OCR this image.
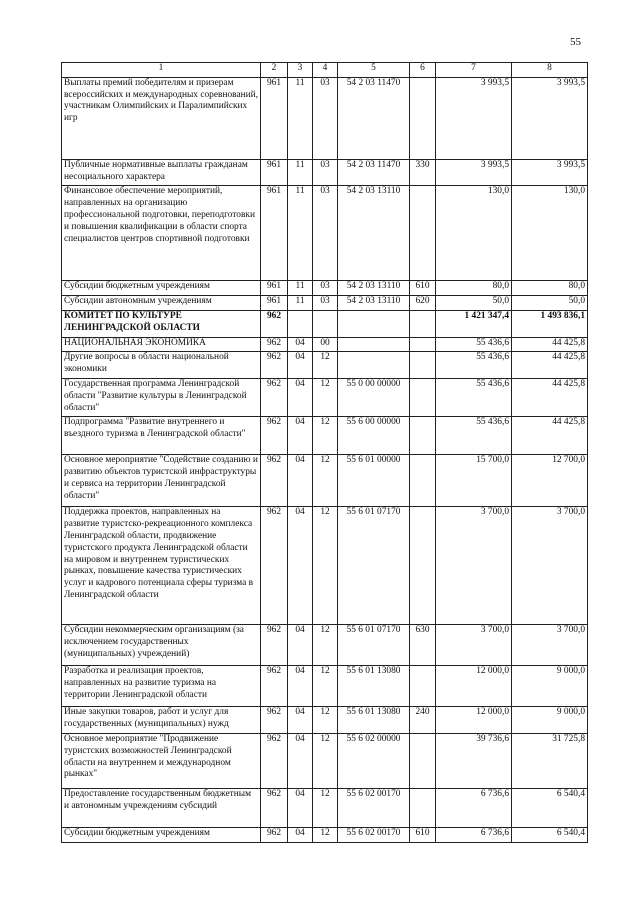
55
1	2	3	4	5	6	7	8
Выплаты премий победителям и призерам всероссийских и международных соревнований, участникам Олимпийских и Паралимпийских игр	961	11	03	54 2 03 11470		3 993,5	3 993,5
Публичные нормативные выплаты гражданам несоциального характера	961	11	03	54 2 03 11470	330	3 993,5	3 993,5
Финансовое обеспечение мероприятий, направленных на организацию профессиональной подготовки, переподготовки и повышения квалификации в области спорта специалистов центров спортивной подготовки	961	11	03	54 2 03 13110		130,0	130,0
Субсидии бюджетным учреждениям	961	11	03	54 2 03 13110	610	80,0	80,0
Субсидии автономным учреждениям	961	11	03	54 2 03 13110	620	50,0	50,0
КОМИТЕТ ПО КУЛЬТУРЕ ЛЕНИНГРАДСКОЙ ОБЛАСТИ	962					1 421 347,4	1 493 836,1
НАЦИОНАЛЬНАЯ ЭКОНОМИКА	962	04	00			55 436,6	44 425,8
Другие вопросы в области национальной экономики	962	04	12			55 436,6	44 425,8
Государственная программа Ленинградской области "Развитие культуры в Ленинградской области"	962	04	12	55 0 00 00000		55 436,6	44 425,8
Подпрограмма "Развитие внутреннего и въездного туризма в Ленинградской области"	962	04	12	55 6 00 00000		55 436,6	44 425,8
Основное мероприятие "Содействие созданию и развитию объектов туристской инфраструктуры и сервиса на территории Ленинградской области"	962	04	12	55 6 01 00000		15 700,0	12 700,0
Поддержка проектов, направленных на развитие туристско-рекреационного комплекса Ленинградской области, продвижение туристского продукта Ленинградской области на мировом и внутреннем туристических рынках, повышение качества туристических услуг и кадрового потенциала сферы туризма в Ленинградской области	962	04	12	55 6 01 07170		3 700,0	3 700,0
Субсидии некоммерческим организациям (за исключением государственных (муниципальных) учреждений)	962	04	12	55 6 01 07170	630	3 700,0	3 700,0
Разработка и реализация проектов, направленных на развитие туризма на территории Ленинградской области	962	04	12	55 6 01 13080		12 000,0	9 000,0
Иные закупки товаров, работ и услуг для государственных (муниципальных) нужд	962	04	12	55 6 01 13080	240	12 000,0	9 000,0
Основное мероприятие "Продвижение туристских возможностей Ленинградской области на внутреннем и международном рынках"	962	04	12	55 6 02 00000		39 736,6	31 725,8
Предоставление государственным бюджетным и автономным учреждениям субсидий	962	04	12	55 6 02 00170		6 736,6	6 540,4
Субсидии бюджетным учреждениям	962	04	12	55 6 02 00170	610	6 736,6	6 540,4
